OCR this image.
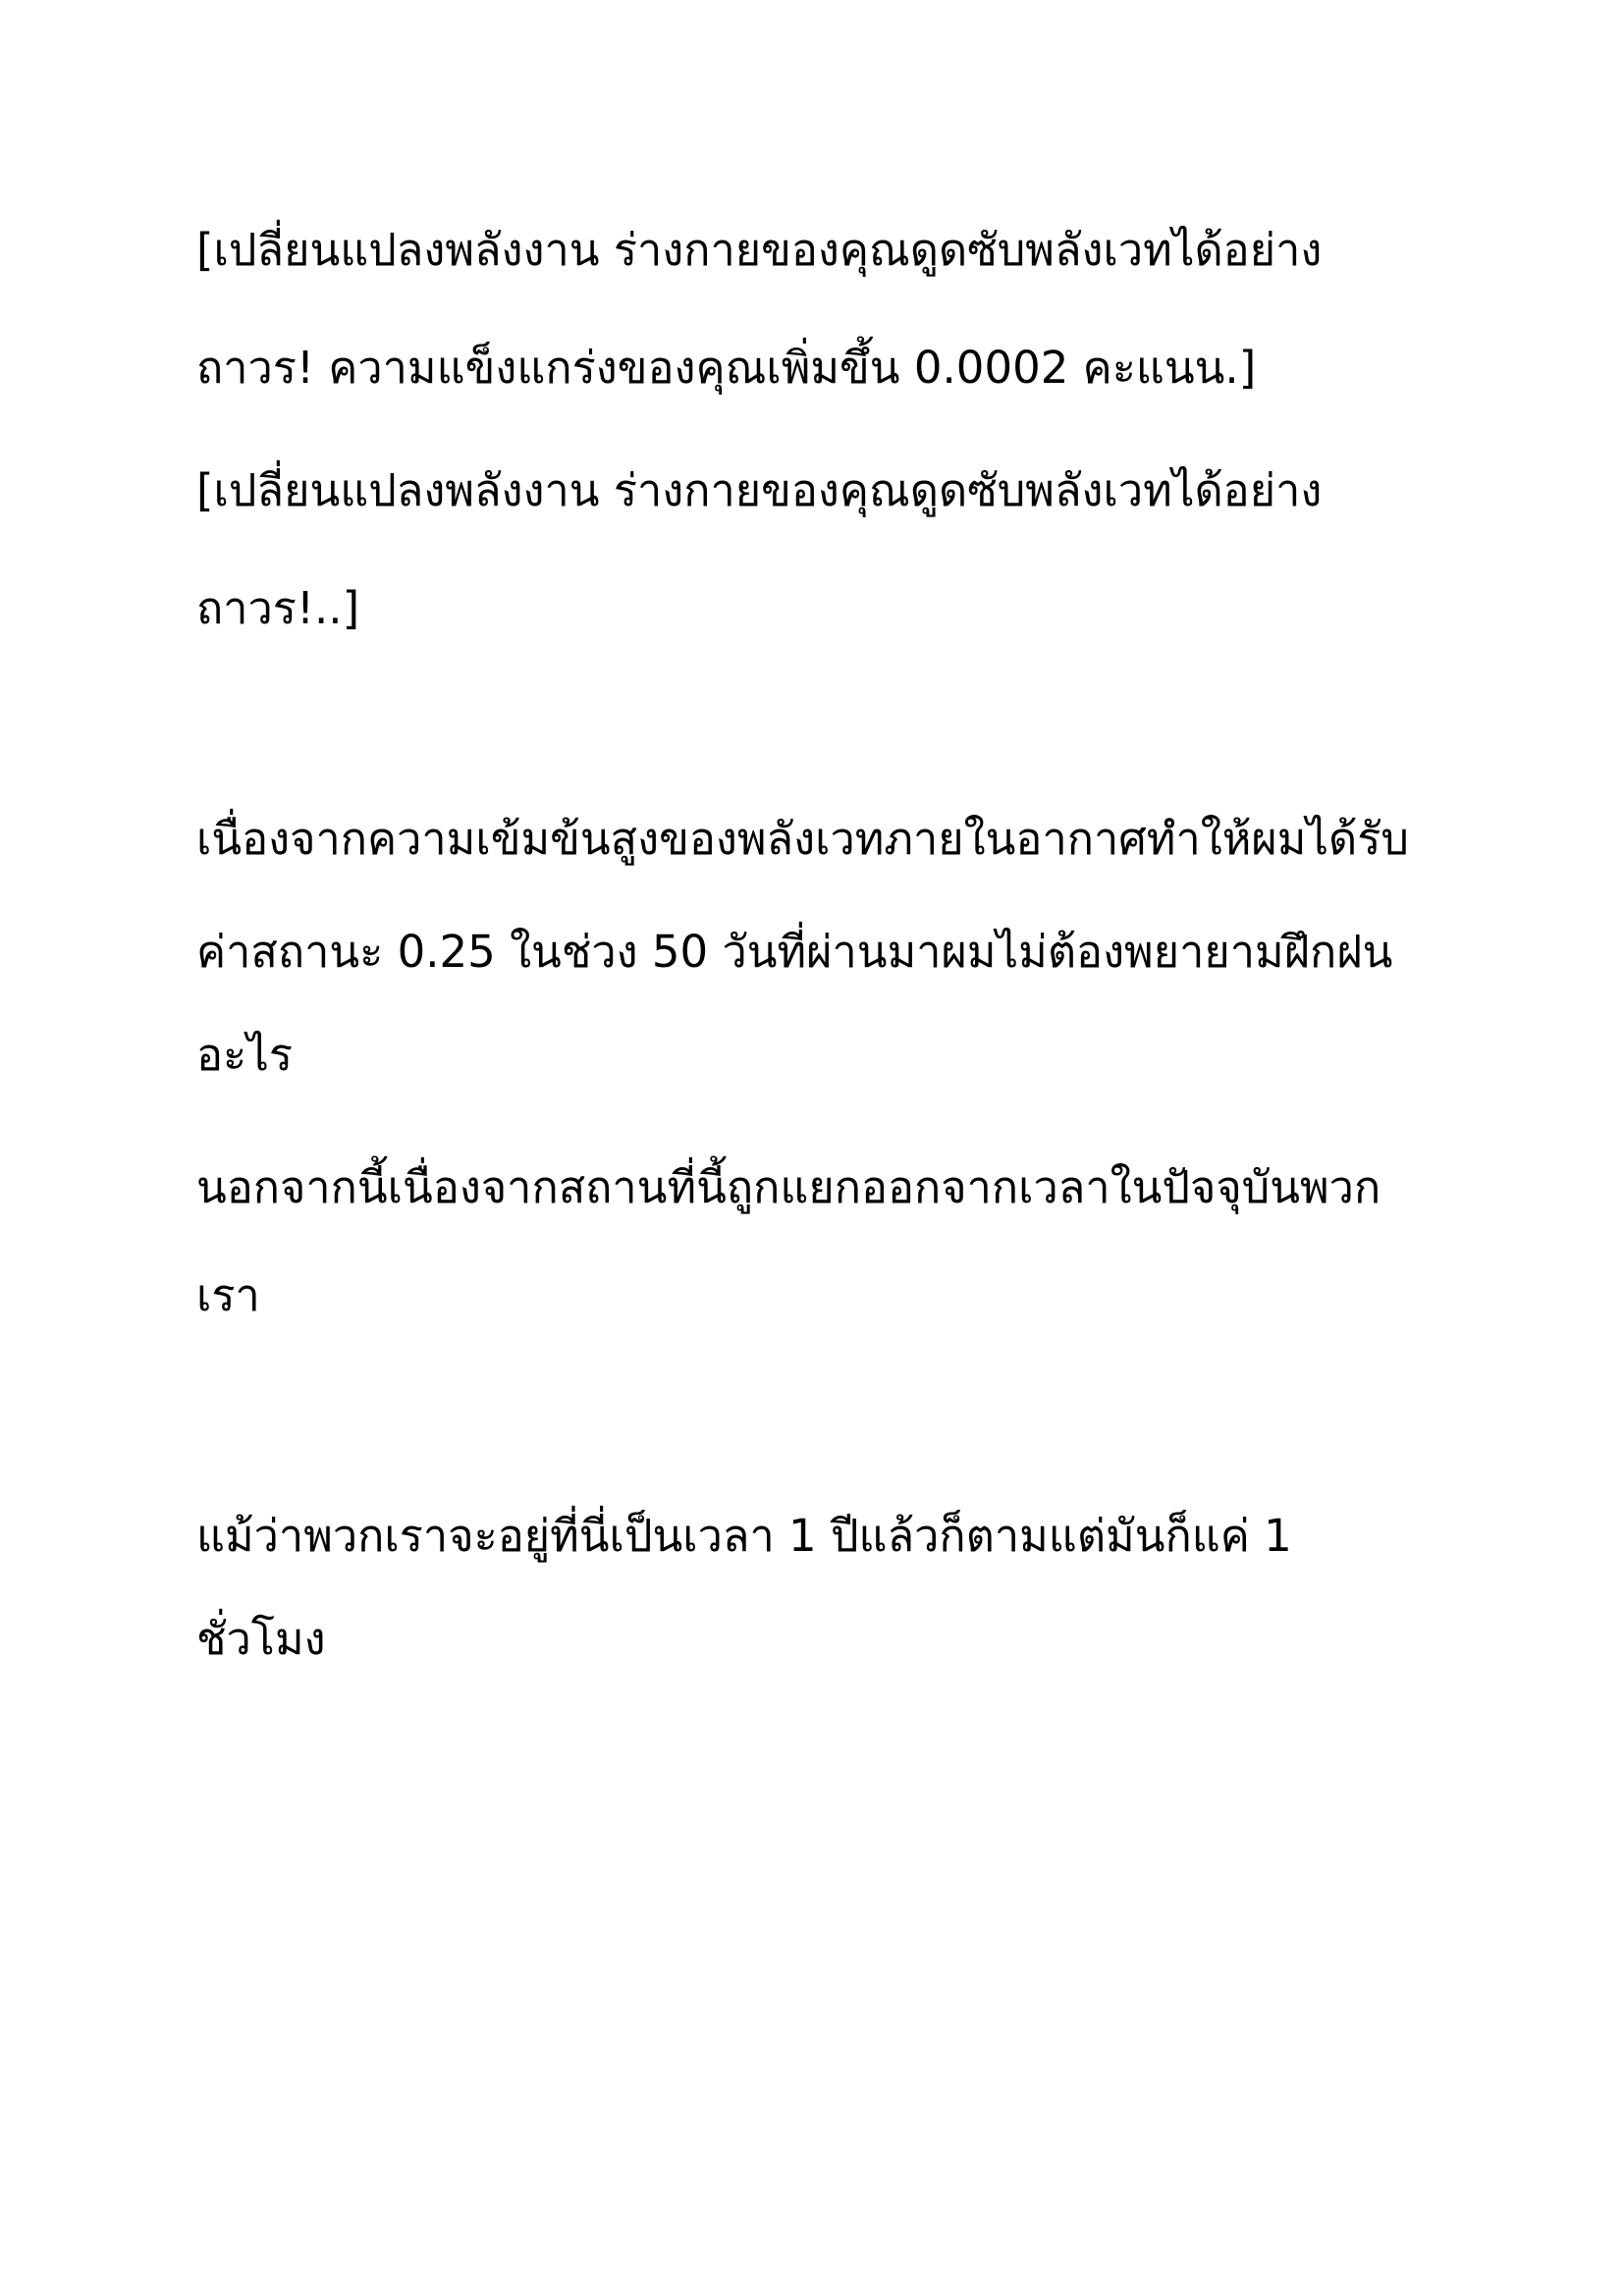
[เปลี่ยนแปลงพลังงาน ร่างกายของคุณดูดซับพลังเวทได้อย่าง
ถาวร! ความแข็งแกร่งของคุณเพิ่มขึ้น 0.0002 คะแนน.]
[เปลี่ยนแปลงพลังงาน ร่างกายของคุณดูดซับพลังเวทได้อย่าง
ถาวร!..]
เนื่องจากความเข้มข้นสูงของพลังเวทภายในอากาศทำให้ผมได้รับ
ค่าสถานะ 0.25 ในช่วง 50 วันที่ผ่านมาผมไม่ต้องพยายามฝึกฝน
อะไร
นอกจากนี้เนื่องจากสถานที่นี้ถูกแยกออกจากเวลาในปัจจุบันพวก
เรา
แม้ว่าพวกเราจะอยู่ที่นี่เป็นเวลา 1 ปีแล้วก็ตามแต่มันก็แค่ 1
ชั่วโมง
